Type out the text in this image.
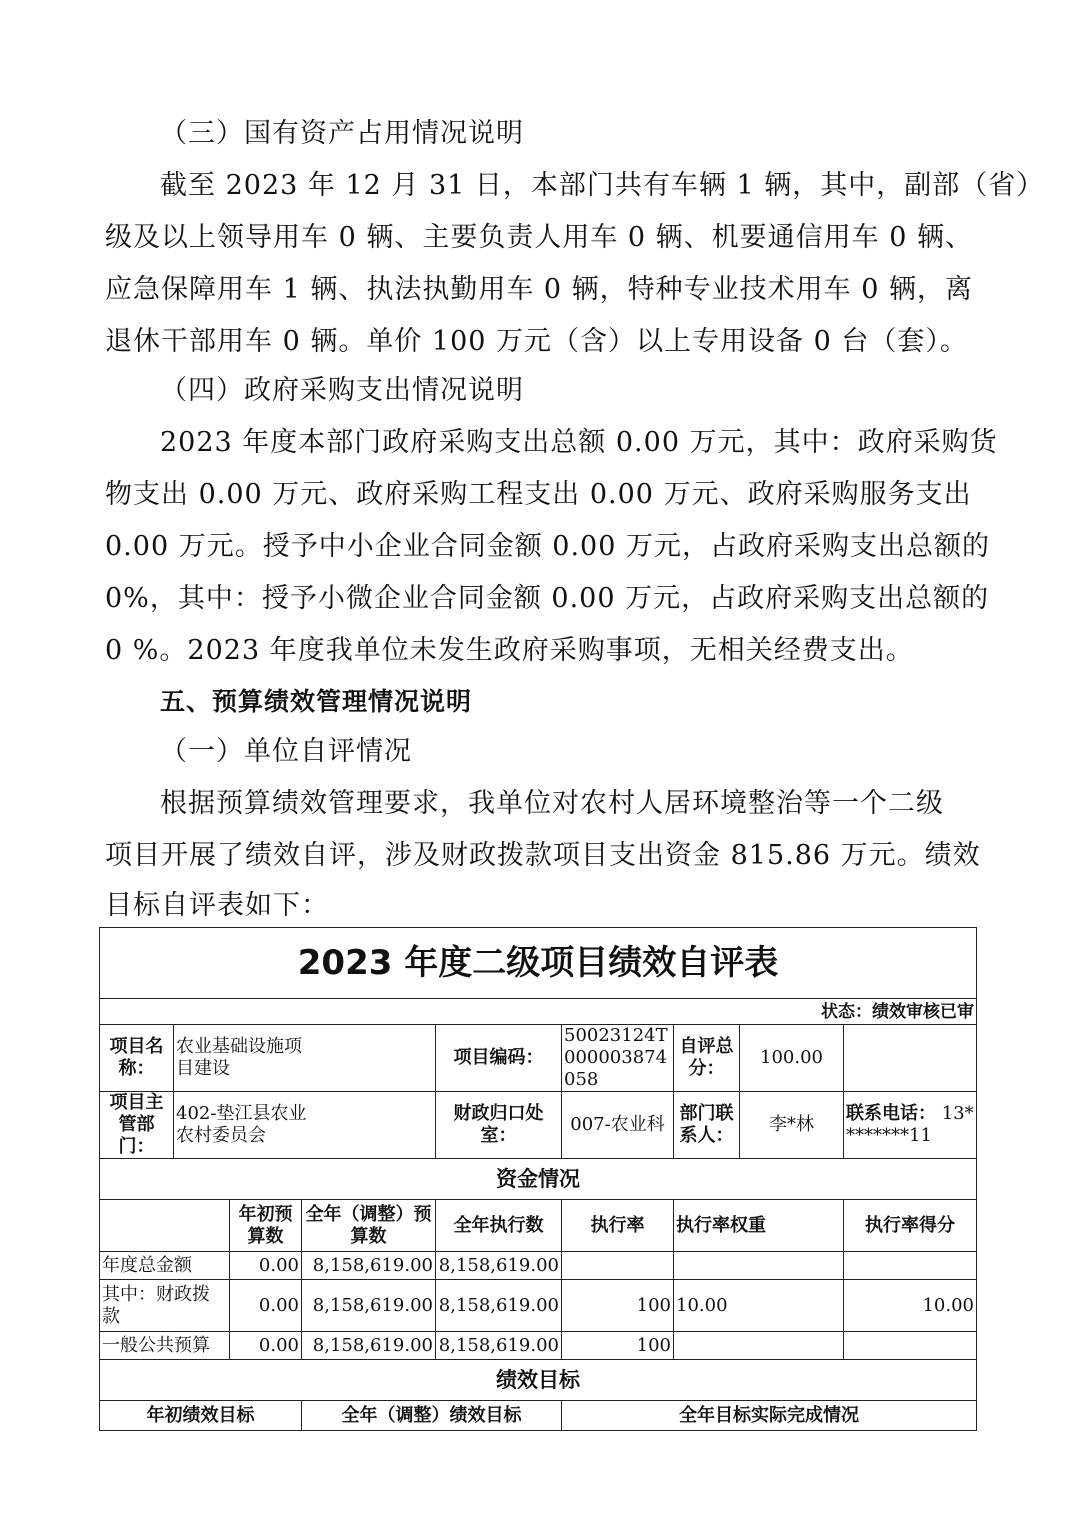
（三）国有资产占用情况说明
截至 2023 年 12 月 31 日，本部门共有车辆 1 辆，其中，副部（省）
级及以上领导用车 0 辆、主要负责人用车 0 辆、机要通信用车 0 辆、
应急保障用车 1 辆、执法执勤用车 0 辆，特种专业技术用车 0 辆，离
退休干部用车 0 辆。单价 100 万元（含）以上专用设备 0 台（套）。
（四）政府采购支出情况说明
2023 年度本部门政府采购支出总额 0.00 万元，其中：政府采购货
物支出 0.00 万元、政府采购工程支出 0.00 万元、政府采购服务支出
0.00 万元。授予中小企业合同金额 0.00 万元，占政府采购支出总额的
0%，其中：授予小微企业合同金额 0.00 万元，占政府采购支出总额的
0 %。2023 年度我单位未发生政府采购事项，无相关经费支出。
五、预算绩效管理情况说明
（一）单位自评情况
根据预算绩效管理要求，我单位对农村人居环境整治等一个二级
项目开展了绩效自评，涉及财政拨款项目支出资金 815.86 万元。绩效
目标自评表如下：
2023 年度二级项目绩效自评表								
状态：绩效审核已审								
项目名称：	农业基础设施项目建设			项目编码：	50023124T000003874058	自评总分：	100.00	
项目主管部门：	402-垫江县农业农村委员会			财政归口处室：	007-农业科	部门联系人：	李*林	联系电话： 13********11
资金情况								
		年初预算数	全年（调整）预算数	全年执行数	执行率	执行率权重		执行率得分
年度总金额		0.00	8,158,619.00	8,158,619.00				

其中：财政拨款		0.00	8,158,619.00	8,158,619.00	100	10.00		10.00
一般公共预算		0.00	8,158,619.00	8,158,619.00	100			
绩效目标								
年初绩效目标			全年（调整）绩效目标		全年目标实际完成情况			
